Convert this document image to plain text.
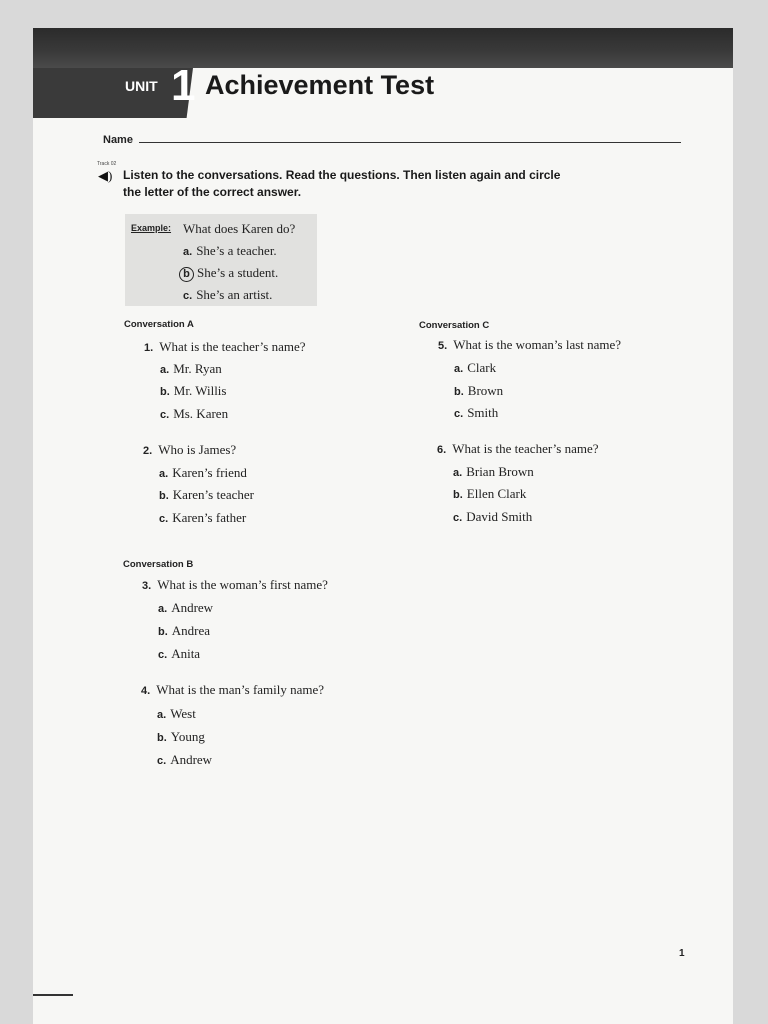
UNIT 1 Achievement Test
Name
Track 02
◀) Listen to the conversations. Read the questions. Then listen again and circle the letter of the correct answer.
Example: What does Karen do?
a. She’s a teacher.
b She’s a student.
c. She’s an artist.
Conversation A
1. What is the teacher’s name?
a. Mr. Ryan
b. Mr. Willis
c. Ms. Karen
2. Who is James?
a. Karen’s friend
b. Karen’s teacher
c. Karen’s father
Conversation B
3. What is the woman’s first name?
a. Andrew
b. Andrea
c. Anita
4. What is the man’s family name?
a. West
b. Young
c. Andrew
Conversation C
5. What is the woman’s last name?
a. Clark
b. Brown
c. Smith
6. What is the teacher’s name?
a. Brian Brown
b. Ellen Clark
c. David Smith
1
